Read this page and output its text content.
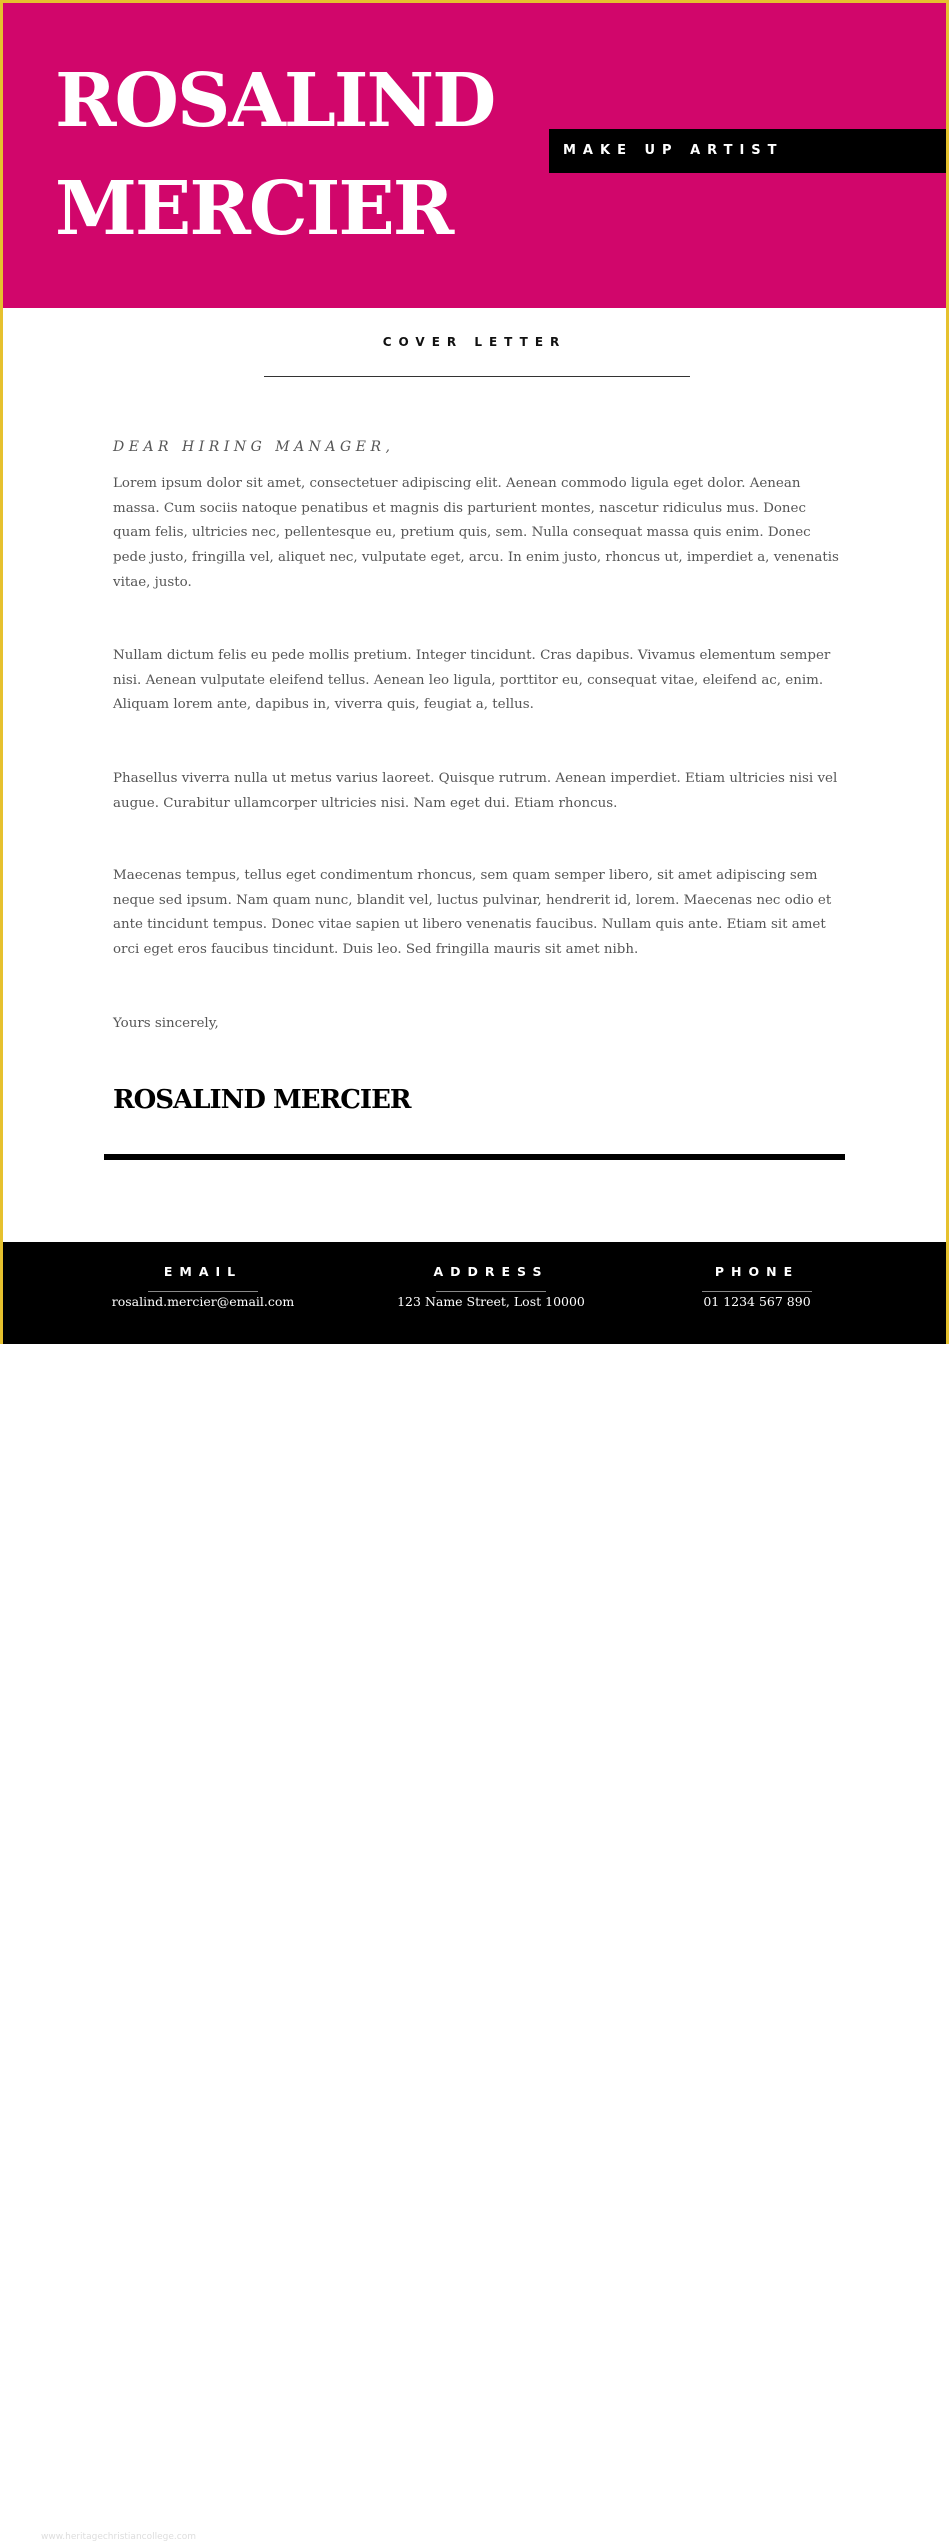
ROSALIND
MERCIER
MAKE UP ARTIST
COVER LETTER
DEAR HIRING MANAGER,

Lorem ipsum dolor sit amet, consectetuer adipiscing elit. Aenean commodo ligula eget dolor. Aenean massa. Cum sociis natoque penatibus et magnis dis parturient montes, nascetur ridiculus mus. Donec quam felis, ultricies nec, pellentesque eu, pretium quis, sem. Nulla consequat massa quis enim. Donec pede justo, fringilla vel, aliquet nec, vulputate eget, arcu. In enim justo, rhoncus ut, imperdiet a, venenatis vitae, justo.

Nullam dictum felis eu pede mollis pretium. Integer tincidunt. Cras dapibus. Vivamus elementum semper nisi. Aenean vulputate eleifend tellus. Aenean leo ligula, porttitor eu, consequat vitae, eleifend ac, enim. Aliquam lorem ante, dapibus in, viverra quis, feugiat a, tellus.

Phasellus viverra nulla ut metus varius laoreet. Quisque rutrum. Aenean imperdiet. Etiam ultricies nisi vel augue. Curabitur ullamcorper ultricies nisi. Nam eget dui. Etiam rhoncus.

Maecenas tempus, tellus eget condimentum rhoncus, sem quam semper libero, sit amet adipiscing sem neque sed ipsum. Nam quam nunc, blandit vel, luctus pulvinar, hendrerit id, lorem. Maecenas nec odio et ante tincidunt tempus. Donec vitae sapien ut libero venenatis faucibus. Nullam quis ante. Etiam sit amet orci eget eros faucibus tincidunt. Duis leo. Sed fringilla mauris sit amet nibh.

Yours sincerely,
ROSALIND MERCIER
EMAIL
rosalind.mercier@email.com
ADDRESS
123 Name Street, Lost 10000
PHONE
01 1234 567 890
www.heritagechristiancollege.com
